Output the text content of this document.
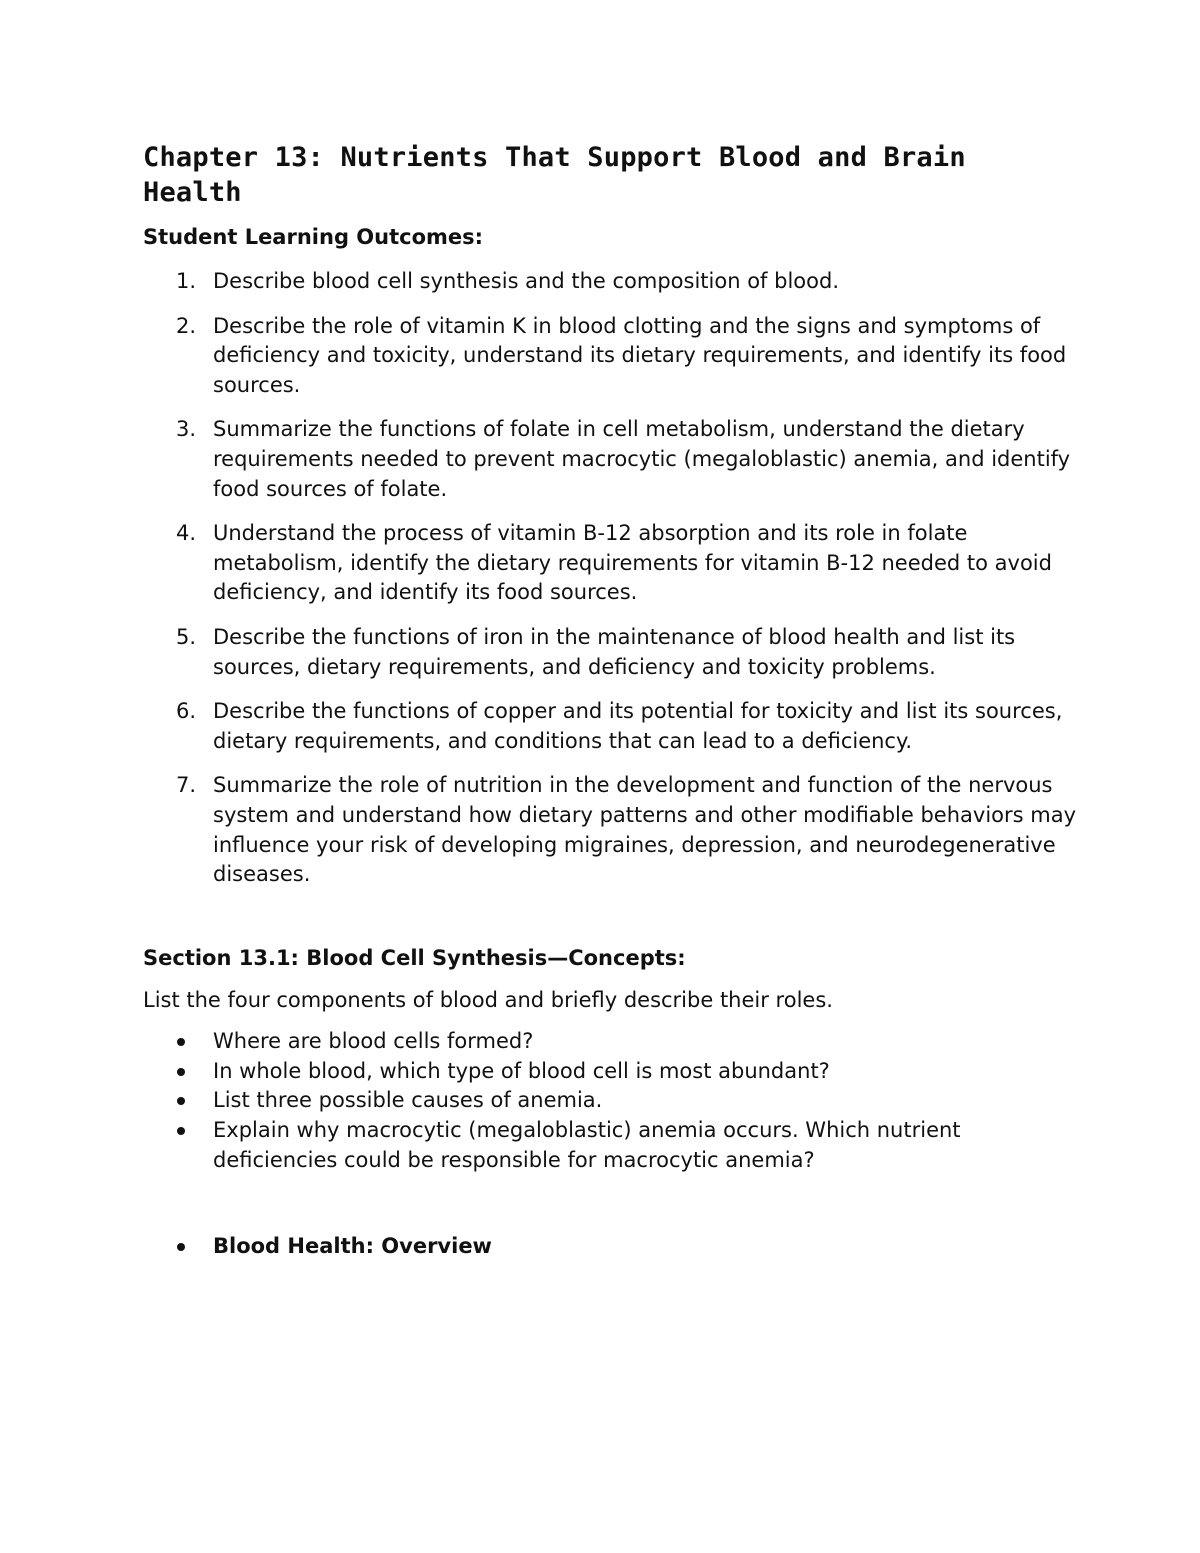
Chapter 13: Nutrients That Support Blood and Brain Health

Student Learning Outcomes:

1. Describe blood cell synthesis and the composition of blood.
2. Describe the role of vitamin K in blood clotting and the signs and symptoms of deficiency and toxicity, understand its dietary requirements, and identify its food sources.
3. Summarize the functions of folate in cell metabolism, understand the dietary requirements needed to prevent macrocytic (megaloblastic) anemia, and identify food sources of folate.
4. Understand the process of vitamin B-12 absorption and its role in folate metabolism, identify the dietary requirements for vitamin B-12 needed to avoid deficiency, and identify its food sources.
5. Describe the functions of iron in the maintenance of blood health and list its sources, dietary requirements, and deficiency and toxicity problems.
6. Describe the functions of copper and its potential for toxicity and list its sources, dietary requirements, and conditions that can lead to a deficiency.
7. Summarize the role of nutrition in the development and function of the nervous system and understand how dietary patterns and other modifiable behaviors may influence your risk of developing migraines, depression, and neurodegenerative diseases.

Section 13.1: Blood Cell Synthesis—Concepts:

List the four components of blood and briefly describe their roles.

Where are blood cells formed?
In whole blood, which type of blood cell is most abundant?
List three possible causes of anemia.
Explain why macrocytic (megaloblastic) anemia occurs. Which nutrient deficiencies could be responsible for macrocytic anemia?
Blood Health: Overview
